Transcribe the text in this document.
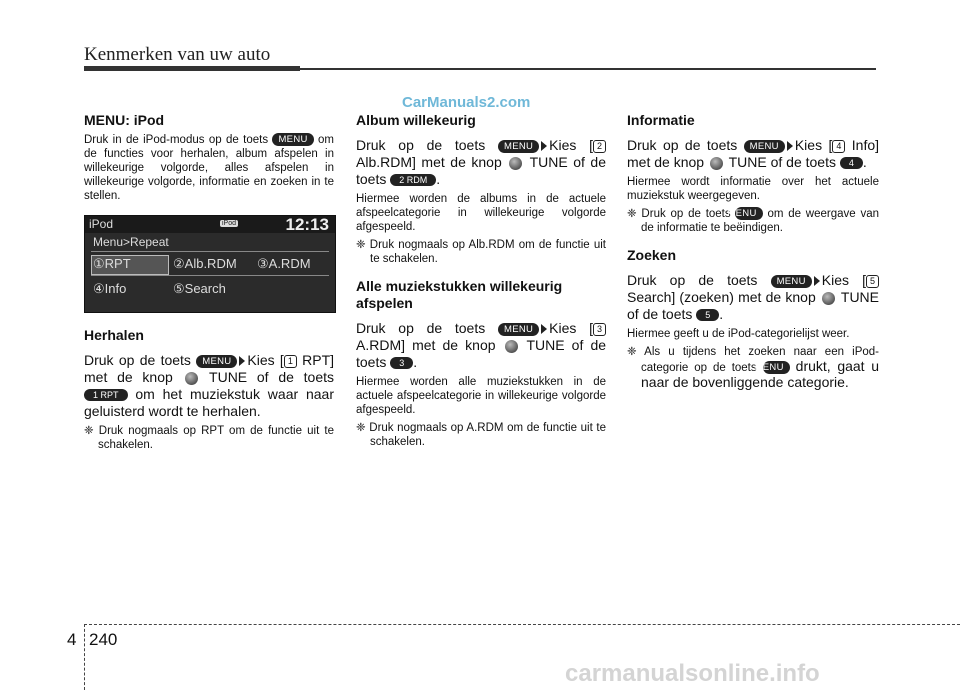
Kenmerken van uw auto
CarManuals2.com
MENU: iPod

Druk in de iPod-modus op de toets MENU om de functies voor herhalen, album afspelen in willekeurige volgorde, alles afspelen in willekeurige volgorde, informatie en zoeken in te stellen.

iPod	iPod	12:13
Menu>Repeat
①RPT	②Alb.RDM ③A.RDM
④Info	⑤Search
Herhalen

Druk op de toets MENU Kies [ 1 RPT] met de knop	TUNE of de toets 1 RPT om het muziekstuk waar naar geluisterd wordt te herhalen.

❈ Druk nogmaals op RPT om de functie uit te schakelen.

Album willekeurig

Druk op de toets MENU Kies [ 2 Alb.RDM] met de knop TUNE of de toets 2 RDM .

Hiermee worden de albums in de actuele afspeelcategorie in willekeurige volgorde afgespeeld.

❈ Druk nogmaals op Alb.RDM om de functie uit te schakelen.

Alle muziekstukken willekeurig afspelen

Druk op de toets MENU Kies [ 3 A.RDM] met de knop TUNE of de toets 3 .

Hiermee worden alle muziekstukken in de actuele afspeelcategorie in willekeurige volgorde afgespeeld.

❈ Druk nogmaals op A.RDM om de functie uit te schakelen.

Informatie

Druk op de toets MENU Kies [ 4 Info] met de knop TUNE of de toets 4 .

Hiermee wordt informatie over het actuele muziekstuk weergegeven.

❈ Druk op de toets MENU om de weergave van de informatie te beëindigen.

Zoeken

Druk op de toets MENU Kies [ 5 Search] (zoeken) met de knop TUNE of de toets 5 .

Hiermee geeft u de iPod-categorielijst weer.

❈ Als u tijdens het zoeken naar een iPod-categorie op de toets MENU drukt, gaat u naar de bovenliggende categorie.

4 240
carmanualsonline.info
